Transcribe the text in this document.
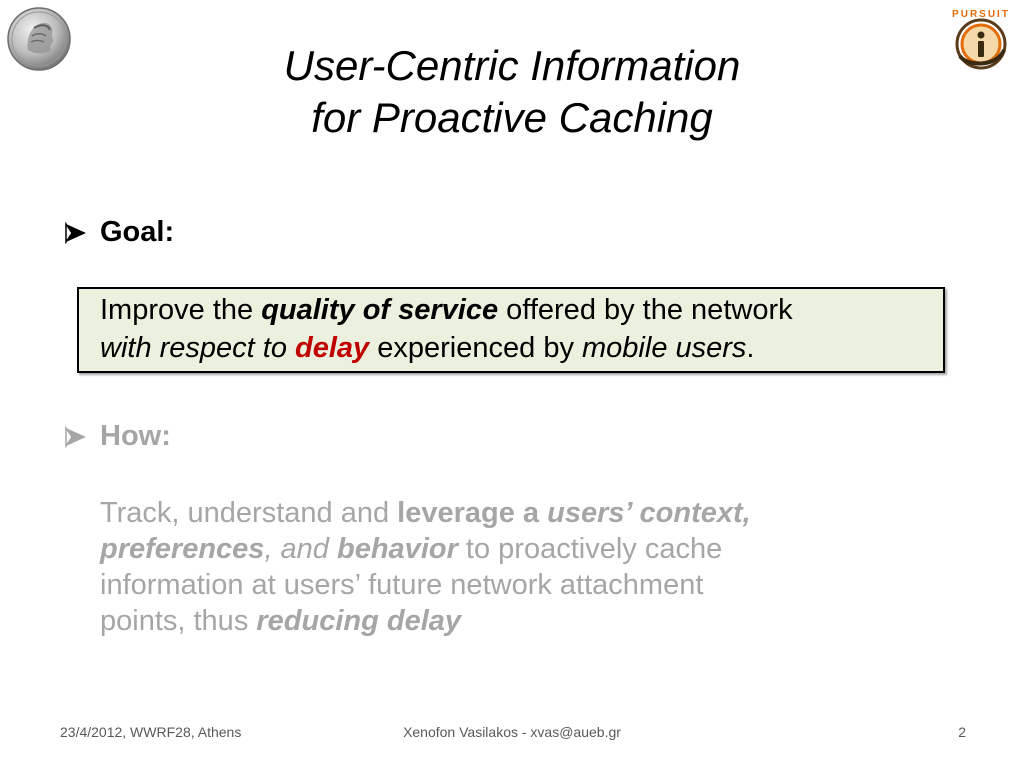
PURSUIT
User-Centric Information
for Proactive Caching
Goal:
Improve the quality of service offered by the network
with respect to delay experienced by mobile users.
How:
Track, understand and leverage a users’ context,
preferences, and behavior to proactively cache
information at users’ future network attachment
points, thus reducing delay
23/4/2012, WWRF28, Athens	Xenofon Vasilakos - xvas@aueb.gr	2
